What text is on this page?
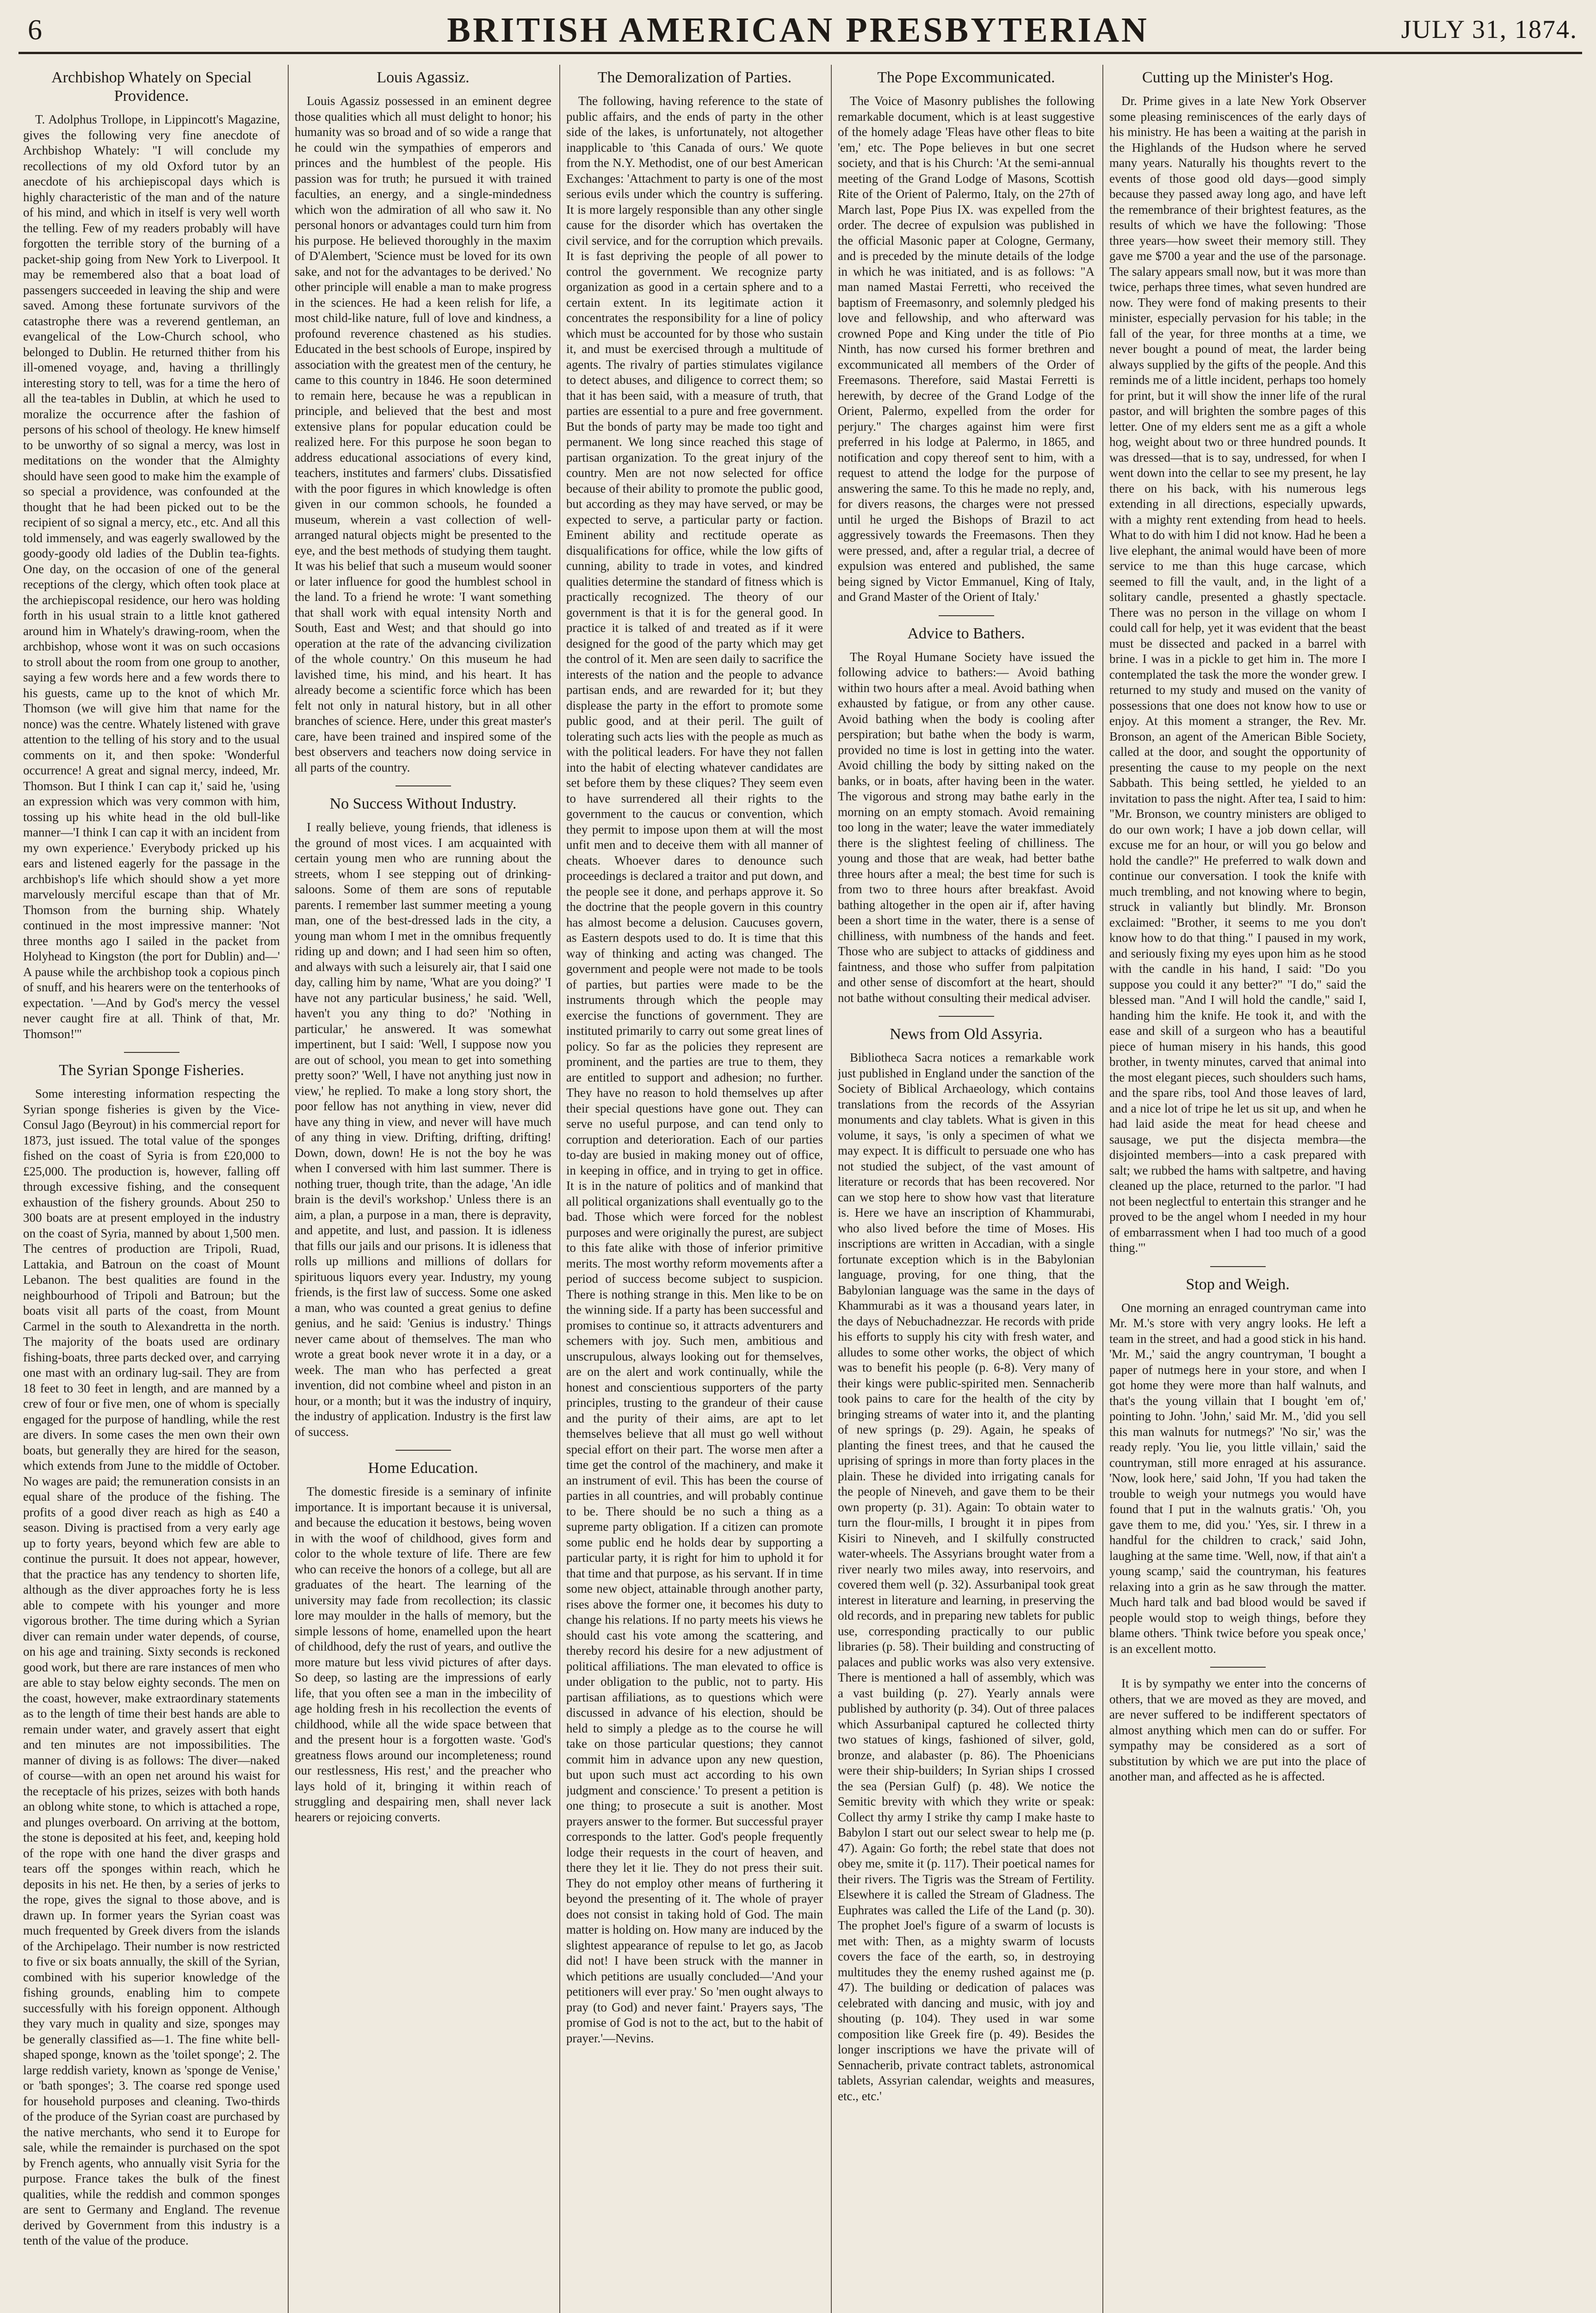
6	BRITISH AMERICAN PRESBYTERIAN	JULY 31, 1874.
Archbishop Whately on Special Providence.

T. Adolphus Trollope, in Lippincott's Magazine, gives the following very fine anecdote of Archbishop Whately: "I will conclude my recollections of my old Oxford tutor by an anecdote of his archiepiscopal days which is highly characteristic of the man and of the nature of his mind, and which in itself is very well worth the telling. Few of my readers probably will have forgotten the terrible story of the burning of a packet-ship going from New York to Liverpool. It may be remembered also that a boat load of passengers succeeded in leaving the ship and were saved. Among these fortunate survivors of the catastrophe there was a reverend gentleman, an evangelical of the Low-Church school, who belonged to Dublin. He returned thither from his ill-omened voyage, and, having a thrillingly interesting story to tell, was for a time the hero of all the tea-tables in Dublin, at which he used to moralize the occurrence after the fashion of persons of his school of theology. He knew himself to be unworthy of so signal a mercy, was lost in meditations on the wonder that the Almighty should have seen good to make him the example of so special a providence, was confounded at the thought that he had been picked out to be the recipient of so signal a mercy, etc., etc. And all this told immensely, and was eagerly swallowed by the goody-goody old ladies of the Dublin tea-fights. One day, on the occasion of one of the general receptions of the clergy, which often took place at the archiepiscopal residence, our hero was holding forth in his usual strain to a little knot gathered around him in Whately's drawing-room, when the archbishop, whose wont it was on such occasions to stroll about the room from one group to another, saying a few words here and a few words there to his guests, came up to the knot of which Mr. Thomson (we will give him that name for the nonce) was the centre. Whately listened with grave attention to the telling of his story and to the usual comments on it, and then spoke: 'Wonderful occurrence! A great and signal mercy, indeed, Mr. Thomson. But I think I can cap it,' said he, 'using an expression which was very common with him, tossing up his white head in the old bull-like manner—'I think I can cap it with an incident from my own experience.' Everybody pricked up his ears and listened eagerly for the passage in the archbishop's life which should show a yet more marvelously merciful escape than that of Mr. Thomson from the burning ship. Whately continued in the most impressive manner: 'Not three months ago I sailed in the packet from Holyhead to Kingston (the port for Dublin) and—' A pause while the archbishop took a copious pinch of snuff, and his hearers were on the tenterhooks of expectation. '—And by God's mercy the vessel never caught fire at all. Think of that, Mr. Thomson!'"

The Syrian Sponge Fisheries.

Some interesting information respecting the Syrian sponge fisheries is given by the Vice-Consul Jago (Beyrout) in his commercial report for 1873, just issued. The total value of the sponges fished on the coast of Syria is from £20,000 to £25,000. The production is, however, falling off through excessive fishing, and the consequent exhaustion of the fishery grounds. About 250 to 300 boats are at present employed in the industry on the coast of Syria, manned by about 1,500 men. The centres of production are Tripoli, Ruad, Lattakia, and Batroun on the coast of Mount Lebanon. The best qualities are found in the neighbourhood of Tripoli and Batroun; but the boats visit all parts of the coast, from Mount Carmel in the south to Alexandretta in the north. The majority of the boats used are ordinary fishing-boats, three parts decked over, and carrying one mast with an ordinary lug-sail. They are from 18 feet to 30 feet in length, and are manned by a crew of four or five men, one of whom is specially engaged for the purpose of handling, while the rest are divers. In some cases the men own their own boats, but generally they are hired for the season, which extends from June to the middle of October. No wages are paid; the remuneration consists in an equal share of the produce of the fishing. The profits of a good diver reach as high as £40 a season. Diving is practised from a very early age up to forty years, beyond which few are able to continue the pursuit. It does not appear, however, that the practice has any tendency to shorten life, although as the diver approaches forty he is less able to compete with his younger and more vigorous brother. The time during which a Syrian diver can remain under water depends, of course, on his age and training. Sixty seconds is reckoned good work, but there are rare instances of men who are able to stay below eighty seconds. The men on the coast, however, make extraordinary statements as to the length of time their best hands are able to remain under water, and gravely assert that eight and ten minutes are not impossibilities. The manner of diving is as follows: The diver—naked of course—with an open net around his waist for the receptacle of his prizes, seizes with both hands an oblong white stone, to which is attached a rope, and plunges overboard. On arriving at the bottom, the stone is deposited at his feet, and, keeping hold of the rope with one hand the diver grasps and tears off the sponges within reach, which he deposits in his net. He then, by a series of jerks to the rope, gives the signal to those above, and is drawn up. In former years the Syrian coast was much frequented by Greek divers from the islands of the Archipelago. Their number is now restricted to five or six boats annually, the skill of the Syrian, combined with his superior knowledge of the fishing grounds, enabling him to compete successfully with his foreign opponent. Although they vary much in quality and size, sponges may be generally classified as—1. The fine white bell-shaped sponge, known as the 'toilet sponge'; 2. The large reddish variety, known as 'sponge de Venise,' or 'bath sponges'; 3. The coarse red sponge used for household purposes and cleaning. Two-thirds of the produce of the Syrian coast are purchased by the native merchants, who send it to Europe for sale, while the remainder is purchased on the spot by French agents, who annually visit Syria for the purpose. France takes the bulk of the finest qualities, while the reddish and common sponges are sent to Germany and England. The revenue derived by Government from this industry is a tenth of the value of the produce.

Louis Agassiz.

Louis Agassiz possessed in an eminent degree those qualities which all must delight to honor; his humanity was so broad and of so wide a range that he could win the sympathies of emperors and princes and the humblest of the people. His passion was for truth; he pursued it with trained faculties, an energy, and a single-mindedness which won the admiration of all who saw it. No personal honors or advantages could turn him from his purpose. He believed thoroughly in the maxim of D'Alembert, 'Science must be loved for its own sake, and not for the advantages to be derived.' No other principle will enable a man to make progress in the sciences. He had a keen relish for life, a most child-like nature, full of love and kindness, a profound reverence chastened as his studies. Educated in the best schools of Europe, inspired by association with the greatest men of the century, he came to this country in 1846. He soon determined to remain here, because he was a republican in principle, and believed that the best and most extensive plans for popular education could be realized here. For this purpose he soon began to address educational associations of every kind, teachers, institutes and farmers' clubs. Dissatisfied with the poor figures in which knowledge is often given in our common schools, he founded a museum, wherein a vast collection of well-arranged natural objects might be presented to the eye, and the best methods of studying them taught. It was his belief that such a museum would sooner or later influence for good the humblest school in the land. To a friend he wrote: 'I want something that shall work with equal intensity North and South, East and West; and that should go into operation at the rate of the advancing civilization of the whole country.' On this museum he had lavished time, his mind, and his heart. It has already become a scientific force which has been felt not only in natural history, but in all other branches of science. Here, under this great master's care, have been trained and inspired some of the best observers and teachers now doing service in all parts of the country.

No Success Without Industry.

I really believe, young friends, that idleness is the ground of most vices. I am acquainted with certain young men who are running about the streets, whom I see stepping out of drinking-saloons. Some of them are sons of reputable parents. I remember last summer meeting a young man, one of the best-dressed lads in the city, a young man whom I met in the omnibus frequently riding up and down; and I had seen him so often, and always with such a leisurely air, that I said one day, calling him by name, 'What are you doing?' 'I have not any particular business,' he said. 'Well, haven't you any thing to do?' 'Nothing in particular,' he answered. It was somewhat impertinent, but I said: 'Well, I suppose now you are out of school, you mean to get into something pretty soon?' 'Well, I have not anything just now in view,' he replied. To make a long story short, the poor fellow has not anything in view, never did have any thing in view, and never will have much of any thing in view. Drifting, drifting, drifting! Down, down, down! He is not the boy he was when I conversed with him last summer. There is nothing truer, though trite, than the adage, 'An idle brain is the devil's workshop.' Unless there is an aim, a plan, a purpose in a man, there is depravity, and appetite, and lust, and passion. It is idleness that fills our jails and our prisons. It is idleness that rolls up millions and millions of dollars for spirituous liquors every year. Industry, my young friends, is the first law of success. Some one asked a man, who was counted a great genius to define genius, and he said: 'Genius is industry.' Things never came about of themselves. The man who wrote a great book never wrote it in a day, or a week. The man who has perfected a great invention, did not combine wheel and piston in an hour, or a month; but it was the industry of inquiry, the industry of application. Industry is the first law of success.

Home Education.

The domestic fireside is a seminary of infinite importance. It is important because it is universal, and because the education it bestows, being woven in with the woof of childhood, gives form and color to the whole texture of life. There are few who can receive the honors of a college, but all are graduates of the heart. The learning of the university may fade from recollection; its classic lore may moulder in the halls of memory, but the simple lessons of home, enamelled upon the heart of childhood, defy the rust of years, and outlive the more mature but less vivid pictures of after days. So deep, so lasting are the impressions of early life, that you often see a man in the imbecility of age holding fresh in his recollection the events of childhood, while all the wide space between that and the present hour is a forgotten waste. 'God's greatness flows around our incompleteness; round our restlessness, His rest,' and the preacher who lays hold of it, bringing it within reach of struggling and despairing men, shall never lack hearers or rejoicing converts.

The Demoralization of Parties.

The following, having reference to the state of public affairs, and the ends of party in the other side of the lakes, is unfortunately, not altogether inapplicable to 'this Canada of ours.' We quote from the N.Y. Methodist, one of our best American Exchanges: 'Attachment to party is one of the most serious evils under which the country is suffering. It is more largely responsible than any other single cause for the disorder which has overtaken the civil service, and for the corruption which prevails. It is fast depriving the people of all power to control the government. We recognize party organization as good in a certain sphere and to a certain extent. In its legitimate action it concentrates the responsibility for a line of policy which must be accounted for by those who sustain it, and must be exercised through a multitude of agents. The rivalry of parties stimulates vigilance to detect abuses, and diligence to correct them; so that it has been said, with a measure of truth, that parties are essential to a pure and free government. But the bonds of party may be made too tight and permanent. We long since reached this stage of partisan organization. To the great injury of the country. Men are not now selected for office because of their ability to promote the public good, but according as they may have served, or may be expected to serve, a particular party or faction. Eminent ability and rectitude operate as disqualifications for office, while the low gifts of cunning, ability to trade in votes, and kindred qualities determine the standard of fitness which is practically recognized. The theory of our government is that it is for the general good. In practice it is talked of and treated as if it were designed for the good of the party which may get the control of it. Men are seen daily to sacrifice the interests of the nation and the people to advance partisan ends, and are rewarded for it; but they displease the party in the effort to promote some public good, and at their peril. The guilt of tolerating such acts lies with the people as much as with the political leaders. For have they not fallen into the habit of electing whatever candidates are set before them by these cliques? They seem even to have surrendered all their rights to the government to the caucus or convention, which they permit to impose upon them at will the most unfit men and to deceive them with all manner of cheats. Whoever dares to denounce such proceedings is declared a traitor and put down, and the people see it done, and perhaps approve it. So the doctrine that the people govern in this country has almost become a delusion. Caucuses govern, as Eastern despots used to do. It is time that this way of thinking and acting was changed. The government and people were not made to be tools of parties, but parties were made to be the instruments through which the people may exercise the functions of government. They are instituted primarily to carry out some great lines of policy. So far as the policies they represent are prominent, and the parties are true to them, they are entitled to support and adhesion; no further. They have no reason to hold themselves up after their special questions have gone out. They can serve no useful purpose, and can tend only to corruption and deterioration. Each of our parties to-day are busied in making money out of office, in keeping in office, and in trying to get in office. It is in the nature of politics and of mankind that all political organizations shall eventually go to the bad. Those which were forced for the noblest purposes and were originally the purest, are subject to this fate alike with those of inferior primitive merits. The most worthy reform movements after a period of success become subject to suspicion. There is nothing strange in this. Men like to be on the winning side. If a party has been successful and promises to continue so, it attracts adventurers and schemers with joy. Such men, ambitious and unscrupulous, always looking out for themselves, are on the alert and work continually, while the honest and conscientious supporters of the party principles, trusting to the grandeur of their cause and the purity of their aims, are apt to let themselves believe that all must go well without special effort on their part. The worse men after a time get the control of the machinery, and make it an instrument of evil. This has been the course of parties in all countries, and will probably continue to be. There should be no such a thing as a supreme party obligation. If a citizen can promote some public end he holds dear by supporting a particular party, it is right for him to uphold it for that time and that purpose, as his servant. If in time some new object, attainable through another party, rises above the former one, it becomes his duty to change his relations. If no party meets his views he should cast his vote among the scattering, and thereby record his desire for a new adjustment of political affiliations. The man elevated to office is under obligation to the public, not to party. His partisan affiliations, as to questions which were discussed in advance of his election, should be held to simply a pledge as to the course he will take on those particular questions; they cannot commit him in advance upon any new question, but upon such must act according to his own judgment and conscience.' To present a petition is one thing; to prosecute a suit is another. Most prayers answer to the former. But successful prayer corresponds to the latter. God's people frequently lodge their requests in the court of heaven, and there they let it lie. They do not press their suit. They do not employ other means of furthering it beyond the presenting of it. The whole of prayer does not consist in taking hold of God. The main matter is holding on. How many are induced by the slightest appearance of repulse to let go, as Jacob did not! I have been struck with the manner in which petitions are usually concluded—'And your petitioners will ever pray.' So 'men ought always to pray (to God) and never faint.' Prayers says, 'The promise of God is not to the act, but to the habit of prayer.'—Nevins.

The Pope Excommunicated.

The Voice of Masonry publishes the following remarkable document, which is at least suggestive of the homely adage 'Fleas have other fleas to bite 'em,' etc. The Pope believes in but one secret society, and that is his Church: 'At the semi-annual meeting of the Grand Lodge of Masons, Scottish Rite of the Orient of Palermo, Italy, on the 27th of March last, Pope Pius IX. was expelled from the order. The decree of expulsion was published in the official Masonic paper at Cologne, Germany, and is preceded by the minute details of the lodge in which he was initiated, and is as follows: "A man named Mastai Ferretti, who received the baptism of Freemasonry, and solemnly pledged his love and fellowship, and who afterward was crowned Pope and King under the title of Pio Ninth, has now cursed his former brethren and excommunicated all members of the Order of Freemasons. Therefore, said Mastai Ferretti is herewith, by decree of the Grand Lodge of the Orient, Palermo, expelled from the order for perjury." The charges against him were first preferred in his lodge at Palermo, in 1865, and notification and copy thereof sent to him, with a request to attend the lodge for the purpose of answering the same. To this he made no reply, and, for divers reasons, the charges were not pressed until he urged the Bishops of Brazil to act aggressively towards the Freemasons. Then they were pressed, and, after a regular trial, a decree of expulsion was entered and published, the same being signed by Victor Emmanuel, King of Italy, and Grand Master of the Orient of Italy.'

Advice to Bathers.

The Royal Humane Society have issued the following advice to bathers:— Avoid bathing within two hours after a meal. Avoid bathing when exhausted by fatigue, or from any other cause. Avoid bathing when the body is cooling after perspiration; but bathe when the body is warm, provided no time is lost in getting into the water. Avoid chilling the body by sitting naked on the banks, or in boats, after having been in the water. The vigorous and strong may bathe early in the morning on an empty stomach. Avoid remaining too long in the water; leave the water immediately there is the slightest feeling of chilliness. The young and those that are weak, had better bathe three hours after a meal; the best time for such is from two to three hours after breakfast. Avoid bathing altogether in the open air if, after having been a short time in the water, there is a sense of chilliness, with numbness of the hands and feet. Those who are subject to attacks of giddiness and faintness, and those who suffer from palpitation and other sense of discomfort at the heart, should not bathe without consulting their medical adviser.

News from Old Assyria.

Bibliotheca Sacra notices a remarkable work just published in England under the sanction of the Society of Biblical Archaeology, which contains translations from the records of the Assyrian monuments and clay tablets. What is given in this volume, it says, 'is only a specimen of what we may expect. It is difficult to persuade one who has not studied the subject, of the vast amount of literature or records that has been recovered. Nor can we stop here to show how vast that literature is. Here we have an inscription of Khammurabi, who also lived before the time of Moses. His inscriptions are written in Accadian, with a single fortunate exception which is in the Babylonian language, proving, for one thing, that the Babylonian language was the same in the days of Khammurabi as it was a thousand years later, in the days of Nebuchadnezzar. He records with pride his efforts to supply his city with fresh water, and alludes to some other works, the object of which was to benefit his people (p. 6-8). Very many of their kings were public-spirited men. Sennacherib took pains to care for the health of the city by bringing streams of water into it, and the planting of new springs (p. 29). Again, he speaks of planting the finest trees, and that he caused the uprising of springs in more than forty places in the plain. These he divided into irrigating canals for the people of Nineveh, and gave them to be their own property (p. 31). Again: To obtain water to turn the flour-mills, I brought it in pipes from Kisiri to Nineveh, and I skilfully constructed water-wheels. The Assyrians brought water from a river nearly two miles away, into reservoirs, and covered them well (p. 32). Assurbanipal took great interest in literature and learning, in preserving the old records, and in preparing new tablets for public use, corresponding practically to our public libraries (p. 58). Their building and constructing of palaces and public works was also very extensive. There is mentioned a hall of assembly, which was a vast building (p. 27). Yearly annals were published by authority (p. 34). Out of three palaces which Assurbanipal captured he collected thirty two statues of kings, fashioned of silver, gold, bronze, and alabaster (p. 86). The Phoenicians were their ship-builders; In Syrian ships I crossed the sea (Persian Gulf) (p. 48). We notice the Semitic brevity with which they write or speak: Collect thy army I strike thy camp I make haste to Babylon I start out our select swear to help me (p. 47). Again: Go forth; the rebel state that does not obey me, smite it (p. 117). Their poetical names for their rivers. The Tigris was the Stream of Fertility. Elsewhere it is called the Stream of Gladness. The Euphrates was called the Life of the Land (p. 30). The prophet Joel's figure of a swarm of locusts is met with: Then, as a mighty swarm of locusts covers the face of the earth, so, in destroying multitudes they the enemy rushed against me (p. 47). The building or dedication of palaces was celebrated with dancing and music, with joy and shouting (p. 104). They used in war some composition like Greek fire (p. 49). Besides the longer inscriptions we have the private will of Sennacherib, private contract tablets, astronomical tablets, Assyrian calendar, weights and measures, etc., etc.'

Cutting up the Minister's Hog.

Dr. Prime gives in a late New York Observer some pleasing reminiscences of the early days of his ministry. He has been a waiting at the parish in the Highlands of the Hudson where he served many years. Naturally his thoughts revert to the events of those good old days—good simply because they passed away long ago, and have left the remembrance of their brightest features, as the results of which we have the following: 'Those three years—how sweet their memory still. They gave me $700 a year and the use of the parsonage. The salary appears small now, but it was more than twice, perhaps three times, what seven hundred are now. They were fond of making presents to their minister, especially pervasion for his table; in the fall of the year, for three months at a time, we never bought a pound of meat, the larder being always supplied by the gifts of the people. And this reminds me of a little incident, perhaps too homely for print, but it will show the inner life of the rural pastor, and will brighten the sombre pages of this letter. One of my elders sent me as a gift a whole hog, weight about two or three hundred pounds. It was dressed—that is to say, undressed, for when I went down into the cellar to see my present, he lay there on his back, with his numerous legs extending in all directions, especially upwards, with a mighty rent extending from head to heels. What to do with him I did not know. Had he been a live elephant, the animal would have been of more service to me than this huge carcase, which seemed to fill the vault, and, in the light of a solitary candle, presented a ghastly spectacle. There was no person in the village on whom I could call for help, yet it was evident that the beast must be dissected and packed in a barrel with brine. I was in a pickle to get him in. The more I contemplated the task the more the wonder grew. I returned to my study and mused on the vanity of possessions that one does not know how to use or enjoy. At this moment a stranger, the Rev. Mr. Bronson, an agent of the American Bible Society, called at the door, and sought the opportunity of presenting the cause to my people on the next Sabbath. This being settled, he yielded to an invitation to pass the night. After tea, I said to him: "Mr. Bronson, we country ministers are obliged to do our own work; I have a job down cellar, will excuse me for an hour, or will you go below and hold the candle?" He preferred to walk down and continue our conversation. I took the knife with much trembling, and not knowing where to begin, struck in valiantly but blindly. Mr. Bronson exclaimed: "Brother, it seems to me you don't know how to do that thing." I paused in my work, and seriously fixing my eyes upon him as he stood with the candle in his hand, I said: "Do you suppose you could it any better?" "I do," said the blessed man. "And I will hold the candle," said I, handing him the knife. He took it, and with the ease and skill of a surgeon who has a beautiful piece of human misery in his hands, this good brother, in twenty minutes, carved that animal into the most elegant pieces, such shoulders such hams, and the spare ribs, tool And those leaves of lard, and a nice lot of tripe he let us sit up, and when he had laid aside the meat for head cheese and sausage, we put the disjecta membra—the disjointed members—into a cask prepared with salt; we rubbed the hams with saltpetre, and having cleaned up the place, returned to the parlor. "I had not been neglectful to entertain this stranger and he proved to be the angel whom I needed in my hour of embarrassment when I had too much of a good thing."'

Stop and Weigh.

One morning an enraged countryman came into Mr. M.'s store with very angry looks. He left a team in the street, and had a good stick in his hand. 'Mr. M.,' said the angry countryman, 'I bought a paper of nutmegs here in your store, and when I got home they were more than half walnuts, and that's the young villain that I bought 'em of,' pointing to John. 'John,' said Mr. M., 'did you sell this man walnuts for nutmegs?' 'No sir,' was the ready reply. 'You lie, you little villain,' said the countryman, still more enraged at his assurance. 'Now, look here,' said John, 'If you had taken the trouble to weigh your nutmegs you would have found that I put in the walnuts gratis.' 'Oh, you gave them to me, did you.' 'Yes, sir. I threw in a handful for the children to crack,' said John, laughing at the same time. 'Well, now, if that ain't a young scamp,' said the countryman, his features relaxing into a grin as he saw through the matter. Much hard talk and bad blood would be saved if people would stop to weigh things, before they blame others. 'Think twice before you speak once,' is an excellent motto.

It is by sympathy we enter into the concerns of others, that we are moved as they are moved, and are never suffered to be indifferent spectators of almost anything which men can do or suffer. For sympathy may be considered as a sort of substitution by which we are put into the place of another man, and affected as he is affected.
